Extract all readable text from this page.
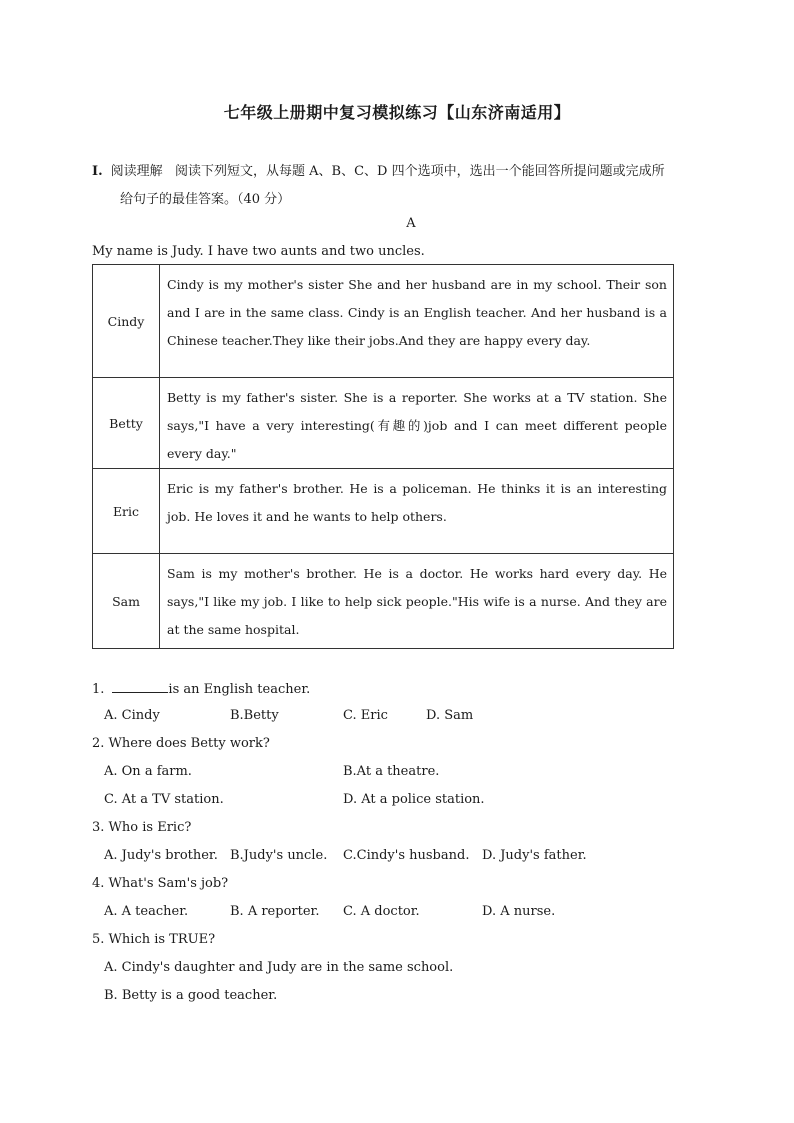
七年级上册期中复习模拟练习【山东济南适用】
Ⅰ. 阅读理解 阅读下列短文，从每题 A、B、C、D 四个选项中，选出一个能回答所提问题或完成所
给句子的最佳答案。（40 分）
A
My name is Judy. I have two aunts and two uncles.
Cindy	Cindy is my mother's sister She and her husband are in my school. Their son and I are in the same class. Cindy is an English teacher. And her husband is a Chinese teacher.They like their jobs.And they are happy every day.
Betty	Betty is my father's sister. She is a reporter. She works at a TV station. She says,"I have a very interesting(有趣的)job and I can meet different people every day."
Eric	Eric is my father's brother. He is a policeman. He thinks it is an interesting job. He loves it and he wants to help others.
Sam	Sam is my mother's brother. He is a doctor. He works hard every day. He says,"I like my job. I like to help sick people."His wife is a nurse. And they are at the same hospital.
1.	is an English teacher.
A. Cindy	B.Betty	C. Eric	D. Sam
2. Where does Betty work?
A. On a farm.	B.At a theatre.
C. At a TV station.	D. At a police station.
3. Who is Eric?
A. Judy's brother. B.Judy's uncle. C.Cindy's husband. D. Judy's father.
4. What's Sam's job?
A. A teacher.	B. A reporter. C. A doctor.	D. A nurse.
5. Which is TRUE?
A. Cindy's daughter and Judy are in the same school.
B. Betty is a good teacher.
